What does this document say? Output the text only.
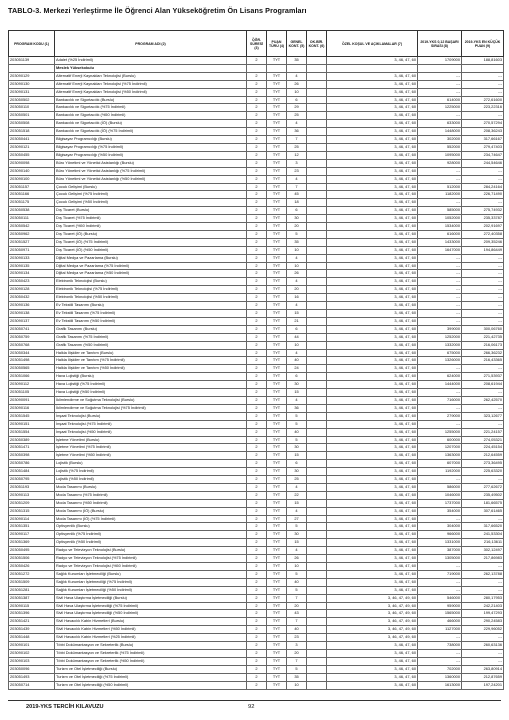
TABLO-3. Merkezi Yerleştirme İle Öğrenci Alan Yükseköğretim Ön Lisans Programları
PROGRAM KODU (1)	PROGRAM ADI (2)	ÖĞR. SÜRESİ (3)	PUAN TÜRÜ (4)	GENEL KONT. (5)	OK.BİR. KONT. (6)	ÖZEL KOŞUL VE AÇIKLAMALAR (7)	2019-YKS 0,12 BAŞARI SIRASI (8)	2019-YKS EN KÜÇÜK PUAN (9)
203051139	Adalet (%25 İndirimli)	2	TYT	35		3, 46, 47, 60	1709000	188,81603
	Meslek Yüksekokulu							
203090129	Alternatif Enerji Kaynakları Teknolojisi (Burslu)	2	TYT	4		3, 46, 47, 60	---	---
203090130	Alternatif Enerji Kaynakları Teknolojisi (%75 İndirimli)	2	TYT	26		3, 46, 47, 60	---	---
203090131	Alternatif Enerji Kaynakları Teknolojisi (%50 İndirimli)	2	TYT	10		3, 46, 47, 60	---	---
203050502	Bankacılık ve Sigortacılık (Burslu)	2	TYT	6		3, 46, 47, 60	614000	272,61600
203050110	Bankacılık ve Sigortacılık (%75 İndirimli)	2	TYT	29		3, 46, 47, 60	1225000	223,22316
203050501	Bankacılık ve Sigortacılık (%50 İndirimli)	2	TYT	25		3, 46, 47, 60	---	---
203050508	Bankacılık ve Sigortacılık (İÖ) (Burslu)	2	TYT	4		3, 46, 47, 60	633000	270,57294
203051518	Bankacılık ve Sigortacılık (İÖ) (%75 İndirimli)	2	TYT	36		3, 46, 47, 60	1448000	208,36243
203050441	Bilgisayar Programcılığı (Burslu)	2	TYT	7		3, 46, 47, 60	302000	317,66167
203090121	Bilgisayar Programcılığı (%75 İndirimli)	2	TYT	25		3, 46, 47, 60	552000	279,47403
203050455	Bilgisayar Programcılığı (%50 İndirimli)	2	TYT	12		3, 46, 47, 60	1095000	234,74647
203090098	Büro Yönetimi ve Yönetici Asistanlığı (Burslu)	2	TYT	3		3, 46, 47, 60	928000	244,54646
203090140	Büro Yönetimi ve Yönetici Asistanlığı (%75 İndirimli)	2	TYT	23		3, 46, 47, 60	---	---
203090100	Büro Yönetimi ve Yönetici Asistanlığı (%50 İndirimli)	2	TYT	4		3, 46, 47, 60	---	---
203051157	Çocuk Gelişimi (Burslu)	2	TYT	7		3, 46, 47, 60	512000	284,24164
203051166	Çocuk Gelişimi (%75 İndirimli)	2	TYT	45		3, 46, 47, 60	1182000	226,71490
203051175	Çocuk Gelişimi (%50 İndirimli)	2	TYT	18		3, 46, 47, 60	---	---
203050538	Dış Ticaret (Burslu)	2	TYT	6		3, 46, 47, 60	585000	275,74932
203050111	Dış Ticaret (%75 İndirimli)	2	TYT	30		3, 46, 47, 60	1052000	235,33787
203050542	Dış Ticaret (%50 İndirimli)	2	TYT	20		3, 46, 47, 60	1534000	202,91697
203050962	Dış Ticaret (İÖ) (Burslu)	2	TYT	5		3, 46, 47, 60	616000	272,40358
203051527	Dış Ticaret (İÖ) (%75 İndirimli)	2	TYT	35		3, 46, 47, 60	1433000	209,35246
203050971	Dış Ticaret (İÖ) (%50 İndirimli)	2	TYT	10		3, 46, 47, 60	1647000	194,86449
203090133	Dijital Medya ve Pazarlama (Burslu)	2	TYT	4		3, 46, 47, 60	---	---
203090135	Dijital Medya ve Pazarlama (%75 İndirimli)	2	TYT	10		3, 46, 47, 60	---	---
203090134	Dijital Medya ve Pazarlama (%50 İndirimli)	2	TYT	26		3, 46, 47, 60	---	---
203050423	Elektronik Teknolojisi (Burslu)	2	TYT	4		3, 46, 47, 60	---	---
203090128	Elektronik Teknolojisi (%75 İndirimli)	2	TYT	20		3, 46, 47, 60	---	---
203050432	Elektronik Teknolojisi (%50 İndirimli)	2	TYT	16		3, 46, 47, 60	---	---
203090136	Ev Tekstili Tasarımı (Burslu)	2	TYT	4		3, 46, 47, 60	---	---
203090138	Ev Tekstili Tasarımı (%75 İndirimli)	2	TYT	15		3, 46, 47, 60	---	---
203090137	Ev Tekstili Tasarımı (%50 İndirimli)	2	TYT	21		3, 46, 47, 60	---	---
203050741	Grafik Tasarımı (Burslu)	2	TYT	6		3, 46, 47, 60	399000	300,06760
203050759	Grafik Tasarımı (%75 İndirimli)	2	TYT	44		3, 46, 47, 60	1252000	221,42735
203050768	Grafik Tasarımı (%50 İndirimli)	2	TYT	10		3, 46, 47, 60	1332000	216,06173
203050344	Halkla İlişkiler ve Tanıtım (Burslu)	2	TYT	4		3, 46, 47, 60	675000	266,36232
203051498	Halkla İlişkiler ve Tanıtım (%75 İndirimli)	2	TYT	40		3, 46, 47, 60	1326000	216,43365
203050565	Halkla İlişkiler ve Tanıtım (%50 İndirimli)	2	TYT	24		3, 46, 47, 60	---	---
203051066	Hava Lojistiği (Burslu)	2	TYT	6		3, 46, 47, 60	624000	271,53937
203090112	Hava Lojistiği (%75 İndirimli)	2	TYT	30		3, 46, 47, 60	1444000	208,61944
203051105	Hava Lojistiği (%50 İndirimli)	2	TYT	15		3, 46, 47, 60	---	---
203090091	İklimlendirme ve Soğutma Teknolojisi (Burslu)	2	TYT	4		3, 46, 47, 60	716000	262,42570
203090116	İklimlendirme ve Soğutma Teknolojisi (%75 İndirimli)	2	TYT	36		3, 46, 47, 60	---	---
203051545	İnşaat Teknolojisi (Burslu)	2	TYT	5		3, 46, 47, 60	279000	323,12677
203090151	İnşaat Teknolojisi (%75 İndirimli)	2	TYT	5		3, 46, 47, 60	---	---
203051554	İnşaat Teknolojisi (%50 İndirimli)	2	TYT	40		3, 46, 47, 60	1255000	221,24157
203050389	İşletme Yönetimi (Burslu)	2	TYT	5		3, 46, 47, 60	600000	274,05321
203051471	İşletme Yönetimi (%75 İndirimli)	2	TYT	30		3, 46, 47, 60	1207000	224,45154
203050398	İşletme Yönetimi (%50 İndirimli)	2	TYT	15		3, 46, 47, 60	1363000	212,64559
203050786	Lojistik (Burslu)	2	TYT	6		3, 46, 47, 60	607000	273,36495
203051484	Lojistik (%75 İndirimli)	2	TYT	30		3, 46, 47, 60	1192000	225,63320
203050795	Lojistik (%50 İndirimli)	2	TYT	25		3, 46, 47, 60	---	---
203051193	Moda Tasarımı (Burslu)	2	TYT	4		3, 46, 47, 60	586000	277,62672
203090113	Moda Tasarımı (%75 İndirimli)	2	TYT	22		3, 46, 47, 60	1046000	235,49502
203051209	Moda Tasarımı (%50 İndirimli)	2	TYT	15		3, 46, 47, 60	1737000	181,66575
203051315	Moda Tasarımı (İÖ) (Burslu)	2	TYT	4		3, 46, 47, 60	354000	307,61465
203090114	Moda Tasarımı (İÖ) (%75 İndirimli)	2	TYT	27		3, 46, 47, 60	---	---
203051351	Optisyenlik (Burslu)	2	TYT	5		3, 46, 47, 60	304000	317,66520
203090117	Optisyenlik (%75 İndirimli)	2	TYT	30		3, 46, 47, 60	966000	241,53304
203051369	Optisyenlik (%50 İndirimli)	2	TYT	15		3, 46, 47, 60	1331000	216,13611
203050495	Radyo ve Televizyon Teknolojisi (Burslu)	2	TYT	4		3, 46, 47, 60	387000	302,12497
203051506	Radyo ve Televizyon Teknolojisi (%75 İndirimli)	2	TYT	26		3, 46, 47, 60	1305000	217,86983
203050426	Radyo ve Televizyon Teknolojisi (%50 İndirimli)	2	TYT	10		3, 46, 47, 60	---	---
203051272	Sağlık Kurumları İşletmeciliği (Burslu)	2	TYT	5		3, 46, 47, 60	719000	262,13788
203051509	Sağlık Kurumları İşletmeciliği (%75 İndirimli)	2	TYT	40		3, 46, 47, 60	---	---
203051281	Sağlık Kurumları İşletmeciliği (%50 İndirimli)	2	TYT	5		3, 46, 47, 60	---	---
203051387	Sivil Hava Ulaştırma İşletmeciliği (Burslu)	2	TYT	7		3, 46, 47, 49, 60	546000	280,17953
203090115	Sivil Hava Ulaştırma İşletmeciliği (%75 İndirimli)	2	TYT	20		3, 46, 47, 49, 60	959000	242,21403
203051396	Sivil Hava Ulaştırma İşletmeciliği (%50 İndirimli)	2	TYT	43		3, 46, 47, 49, 60	1565000	199,47293
203051421	Sivil Havacılık Kabin Hizmetleri (Burslu)	2	TYT	7		3, 46, 47, 49, 60	466000	290,24583
203051439	Sivil Havacılık Kabin Hizmetleri (%50 İndirimli)	2	TYT	40		3, 46, 47, 49, 60	1127000	229,96052
203051448	Sivil Havacılık Kabin Hizmetleri (%25 İndirimli)	2	TYT	23		3, 46, 47, 49, 60	---	---
203090101	Tıbbi Dokümantasyon ve Sekreterlik (Burslu)	2	TYT	3		3, 46, 47, 60	738000	260,63136
203090102	Tıbbi Dokümantasyon ve Sekreterlik (%75 İndirimli)	2	TYT	20		3, 46, 47, 60	---	---
203090103	Tıbbi Dokümantasyon ve Sekreterlik (%50 İndirimli)	2	TYT	7		3, 46, 47, 60	---	---
203050096	Turizm ve Otel İşletmeciliği (Burslu)	2	TYT	5		3, 46, 47, 60	702000	263,80914
203051493	Turizm ve Otel İşletmeciliği (%75 İndirimli)	2	TYT	35		3, 46, 47, 60	1360000	212,87659
203050714	Turizm ve Otel İşletmeciliği (%50 İndirimli)	2	TYT	10		3, 46, 47, 60	1613000	197,24201
2019-YKS TERCİH KILAVUZU	92
